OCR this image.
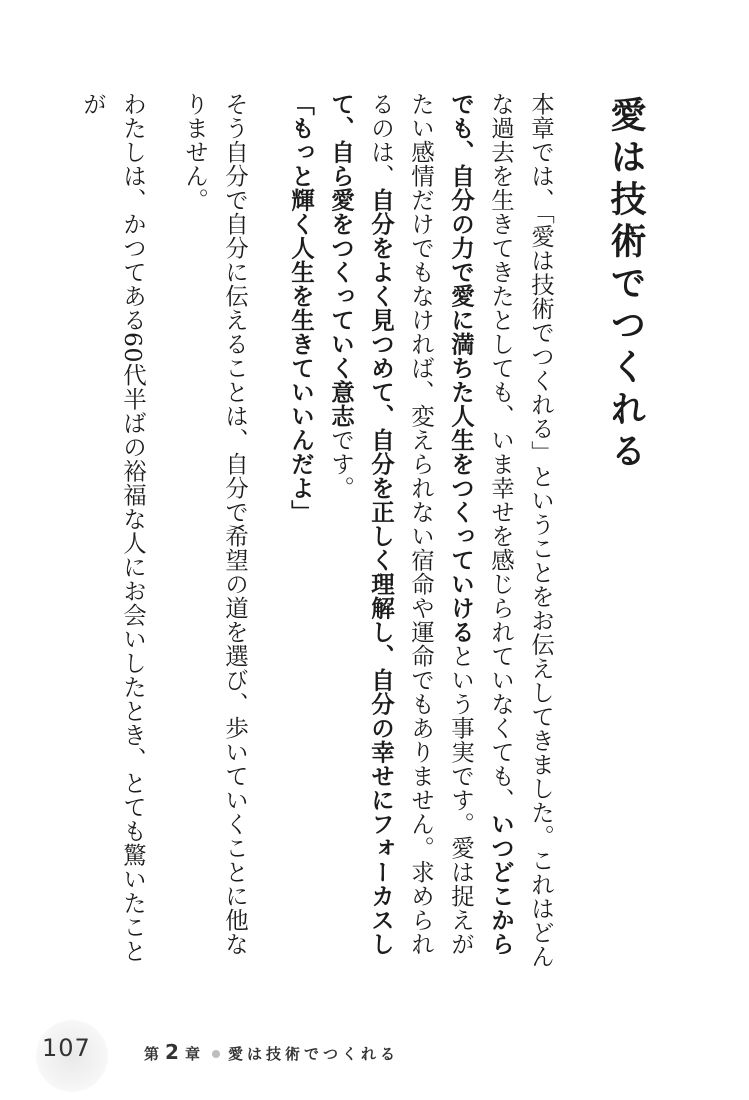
愛は技術でつくれる
本章では、「愛は技術でつくれる」ということをお伝えしてきました。これはどんな過去を生きてきたとしても、いま幸せを感じられていなくても、いつどこからでも、自分の力で愛に満ちた人生をつくっていけるという事実です。愛は捉えがたい感情だけでもなければ、変えられない宿命や運命でもありません。求められるのは、自分をよく見つめて、自分を正しく理解し、自分の幸せにフォーカスして、自ら愛をつくっていく意志です。
「もっと輝く人生を生きていいんだよ」
そう自分で自分に伝えることは、自分で希望の道を選び、歩いていくことに他なりません。
わたしは、かつてある60代半ばの裕福な人にお会いしたとき、とても驚いたことが
107	第 2 章 愛は技術でつくれる
